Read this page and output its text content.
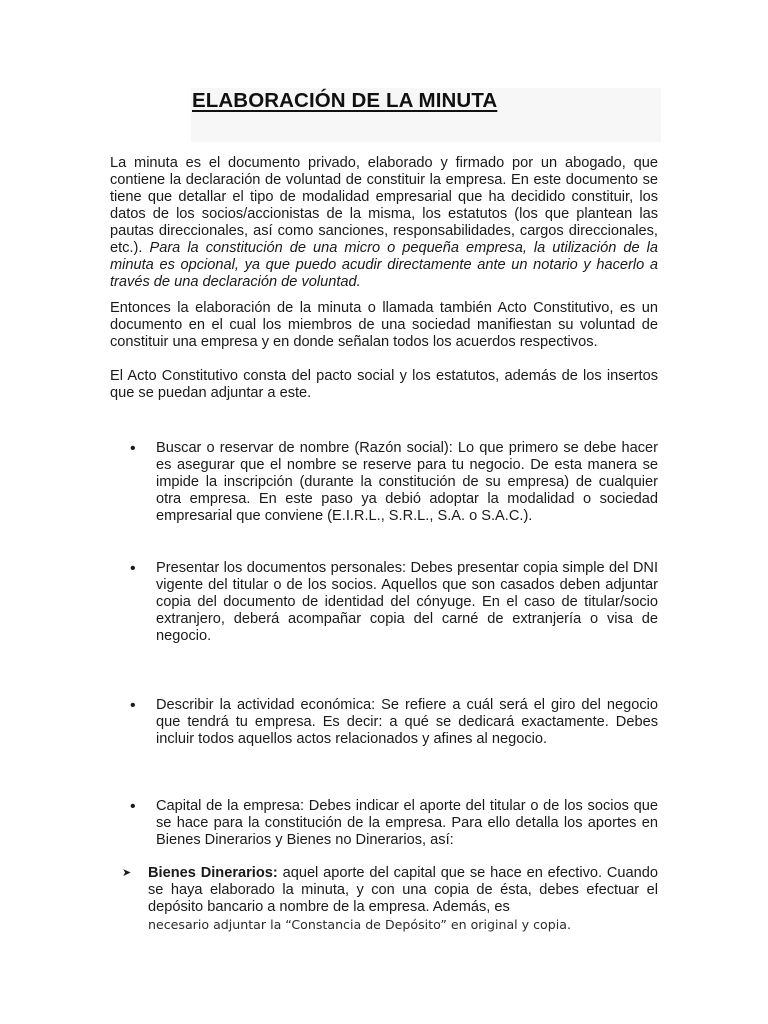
ELABORACIÓN DE LA MINUTA

La minuta es el documento privado, elaborado y firmado por un abogado, que contiene la declaración de voluntad de constituir la empresa. En este documento se tiene que detallar el tipo de modalidad empresarial que ha decidido constituir, los datos de los socios/accionistas de la misma, los estatutos (los que plantean las pautas direccionales, así como sanciones, responsabilidades, cargos direccionales, etc.). Para la constitución de una micro o pequeña empresa, la utilización de la minuta es opcional, ya que puedo acudir directamente ante un notario y hacerlo a través de una declaración de voluntad.

Entonces la elaboración de la minuta o llamada también Acto Constitutivo, es un documento en el cual los miembros de una sociedad manifiestan su voluntad de constituir una empresa y en donde señalan todos los acuerdos respectivos.

El Acto Constitutivo consta del pacto social y los estatutos, además de los insertos que se puedan adjuntar a este.

• Buscar o reservar de nombre (Razón social): Lo que primero se debe hacer es asegurar que el nombre se reserve para tu negocio. De esta manera se impide la inscripción (durante la constitución de su empresa) de cualquier otra empresa. En este paso ya debió adoptar la modalidad o sociedad empresarial que conviene (E.I.R.L., S.R.L., S.A. o S.A.C.).

• Presentar los documentos personales: Debes presentar copia simple del DNI vigente del titular o de los socios. Aquellos que son casados deben adjuntar copia del documento de identidad del cónyuge. En el caso de titular/socio extranjero, deberá acompañar copia del carné de extranjería o visa de negocio.

• Describir la actividad económica: Se refiere a cuál será el giro del negocio que tendrá tu empresa. Es decir: a qué se dedicará exactamente. Debes incluir todos aquellos actos relacionados y afines al negocio.

• Capital de la empresa: Debes indicar el aporte del titular o de los socios que se hace para la constitución de la empresa. Para ello detalla los aportes en Bienes Dinerarios y Bienes no Dinerarios, así:

➤ Bienes Dinerarios: aquel aporte del capital que se hace en efectivo. Cuando se haya elaborado la minuta, y con una copia de ésta, debes efectuar el depósito bancario a nombre de la empresa. Además, es

necesario adjuntar la “Constancia de Depósito” en original y copia.
